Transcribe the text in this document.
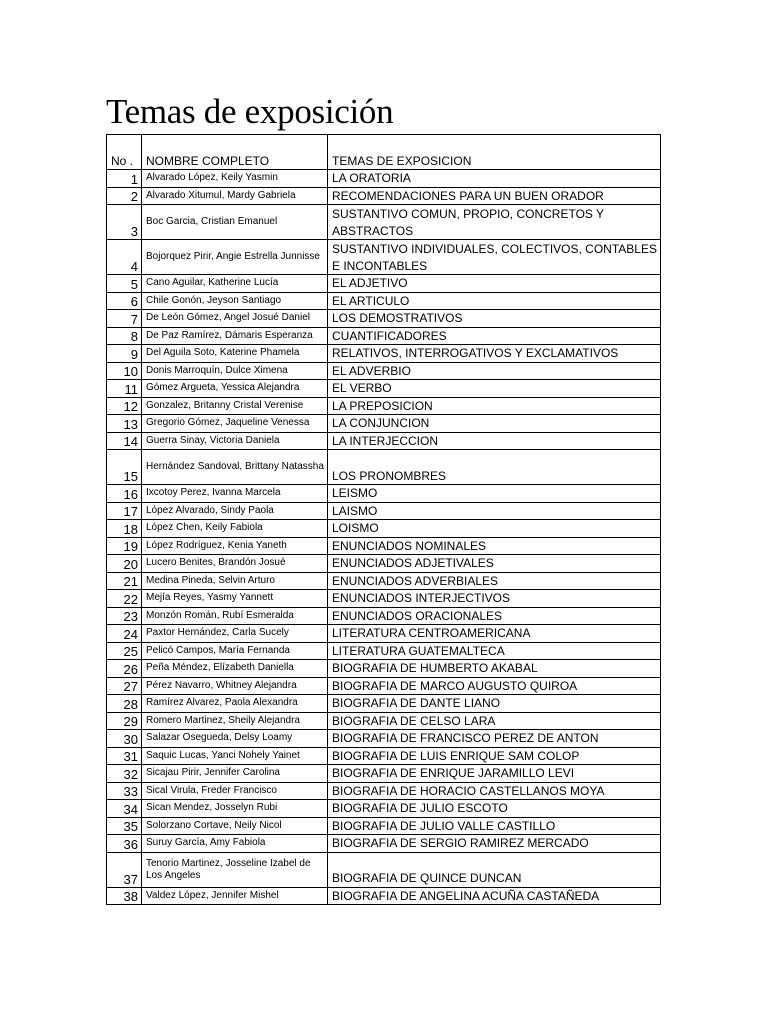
Temas de exposición
No .	NOMBRE COMPLETO	TEMAS DE EXPOSICION
1	Alvarado López, Keily Yasmin	LA ORATORIA
2	Alvarado Xitumul, Mardy Gabriela	RECOMENDACIONES PARA UN BUEN ORADOR
3	Boc Garcia, Cristian Emanuel	SUSTANTIVO COMUN, PROPIO, CONCRETOS Y ABSTRACTOS
4	Bojorquez Pirir, Angie Estrella Junnisse	SUSTANTIVO INDIVIDUALES, COLECTIVOS, CONTABLES E INCONTABLES
5	Cano Aguilar, Katherine Lucía	EL ADJETIVO
6	Chile Gonón, Jeyson Santiago	EL ARTICULO
7	De León Gómez, Angel Josué Daniel	LOS DEMOSTRATIVOS
8	De Paz Ramírez, Dámaris Esperanza	CUANTIFICADORES
9	Del Aguila Soto, Katerine Phamela	RELATIVOS, INTERROGATIVOS Y EXCLAMATIVOS
10	Donis Marroquín, Dulce Ximena	EL ADVERBIO
11	Gómez Argueta, Yessica Alejandra	EL VERBO
12	Gonzalez, Britanny Cristal Verenise	LA PREPOSICION
13	Gregorio Gómez, Jaqueline Venessa	LA CONJUNCION
14	Guerra Sinay, Victoria Daniela	LA INTERJECCION
15	Hernández Sandoval, Brittany Natassha	LOS PRONOMBRES
16	Ixcotoy Perez, Ivanna Marcela	LEISMO
17	López Alvarado, Sindy Paola	LAISMO
18	López Chen, Keily Fabiola	LOISMO
19	López Rodríguez, Kenia Yaneth	ENUNCIADOS NOMINALES
20	Lucero Benites, Brandón Josué	ENUNCIADOS ADJETIVALES
21	Medina Pineda, Selvin Arturo	ENUNCIADOS ADVERBIALES
22	Mejía Reyes, Yasmy Yannett	ENUNCIADOS INTERJECTIVOS
23	Monzón Román, Rubí Esmeralda	ENUNCIADOS ORACIONALES
24	Paxtor Hernández, Carla Sucely	LITERATURA CENTROAMERICANA
25	Pelicó Campos, María Fernanda	LITERATURA GUATEMALTECA
26	Peña Méndez, Elízabeth Daniella	BIOGRAFIA DE HUMBERTO AKABAL
27	Pérez Navarro, Whitney Alejandra	BIOGRAFIA DE MARCO AUGUSTO QUIROA
28	Ramírez Alvarez, Paola Alexandra	BIOGRAFIA DE DANTE LIANO
29	Romero Martinez, Sheily Alejandra	BIOGRAFIA DE CELSO LARA
30	Salazar Osegueda, Delsy Loamy	BIOGRAFIA DE FRANCISCO PEREZ DE ANTON
31	Saquic Lucas, Yanci Nohely Yainet	BIOGRAFIA DE LUIS ENRIQUE SAM COLOP
32	Sicajau Pirir, Jennifer Carolina	BIOGRAFIA DE ENRIQUE JARAMILLO LEVI
33	Sical Virula, Freder Francisco	BIOGRAFIA DE HORACIO CASTELLANOS MOYA
34	Sican Mendez, Josselyn Rubi	BIOGRAFIA DE JULIO ESCOTO
35	Solorzano Cortave, Neily Nicol	BIOGRAFIA DE JULIO VALLE CASTILLO
36	Suruy García, Amy Fabiola	BIOGRAFIA DE SERGIO RAMIREZ MERCADO
37	Tenorio Martinez, Josseline Izabel de Los Angeles	BIOGRAFIA DE QUINCE DUNCAN
38	Valdez López, Jennifer Mishel	BIOGRAFIA DE ANGELINA ACUÑA CASTAÑEDA
